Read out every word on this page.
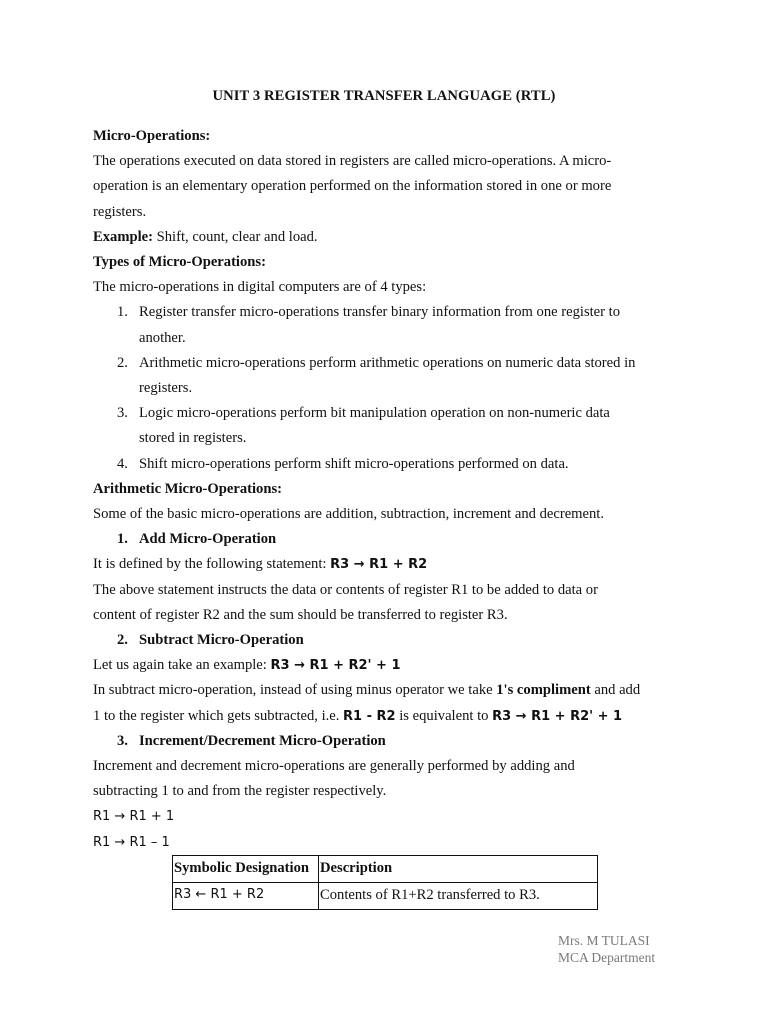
UNIT 3 REGISTER TRANSFER LANGUAGE (RTL)

Micro-Operations:

The operations executed on data stored in registers are called micro-operations. A micro-

operation is an elementary operation performed on the information stored in one or more

registers.

Example: Shift, count, clear and load.

Types of Micro-Operations:

The micro-operations in digital computers are of 4 types:

1. Register transfer micro-operations transfer binary information from one register to
another.
2. Arithmetic micro-operations perform arithmetic operations on numeric data stored in
registers.
3. Logic micro-operations perform bit manipulation operation on non-numeric data
stored in registers.
4. Shift micro-operations perform shift micro-operations performed on data.

Arithmetic Micro-Operations:

Some of the basic micro-operations are addition, subtraction, increment and decrement.

1. Add Micro-Operation

It is defined by the following statement: R3 → R1 + R2

The above statement instructs the data or contents of register R1 to be added to data or

content of register R2 and the sum should be transferred to register R3.

2. Subtract Micro-Operation

Let us again take an example: R3 → R1 + R2' + 1

In subtract micro-operation, instead of using minus operator we take 1's compliment and add

1 to the register which gets subtracted, i.e. R1 - R2 is equivalent to R3 → R1 + R2' + 1

3. Increment/Decrement Micro-Operation

Increment and decrement micro-operations are generally performed by adding and

subtracting 1 to and from the register respectively.

R1 → R1 + 1

R1 → R1 – 1

Symbolic Designation	Description
R3 ← R1 + R2	Contents of R1+R2 transferred to R3.
Mrs. M TULASI
MCA Department
